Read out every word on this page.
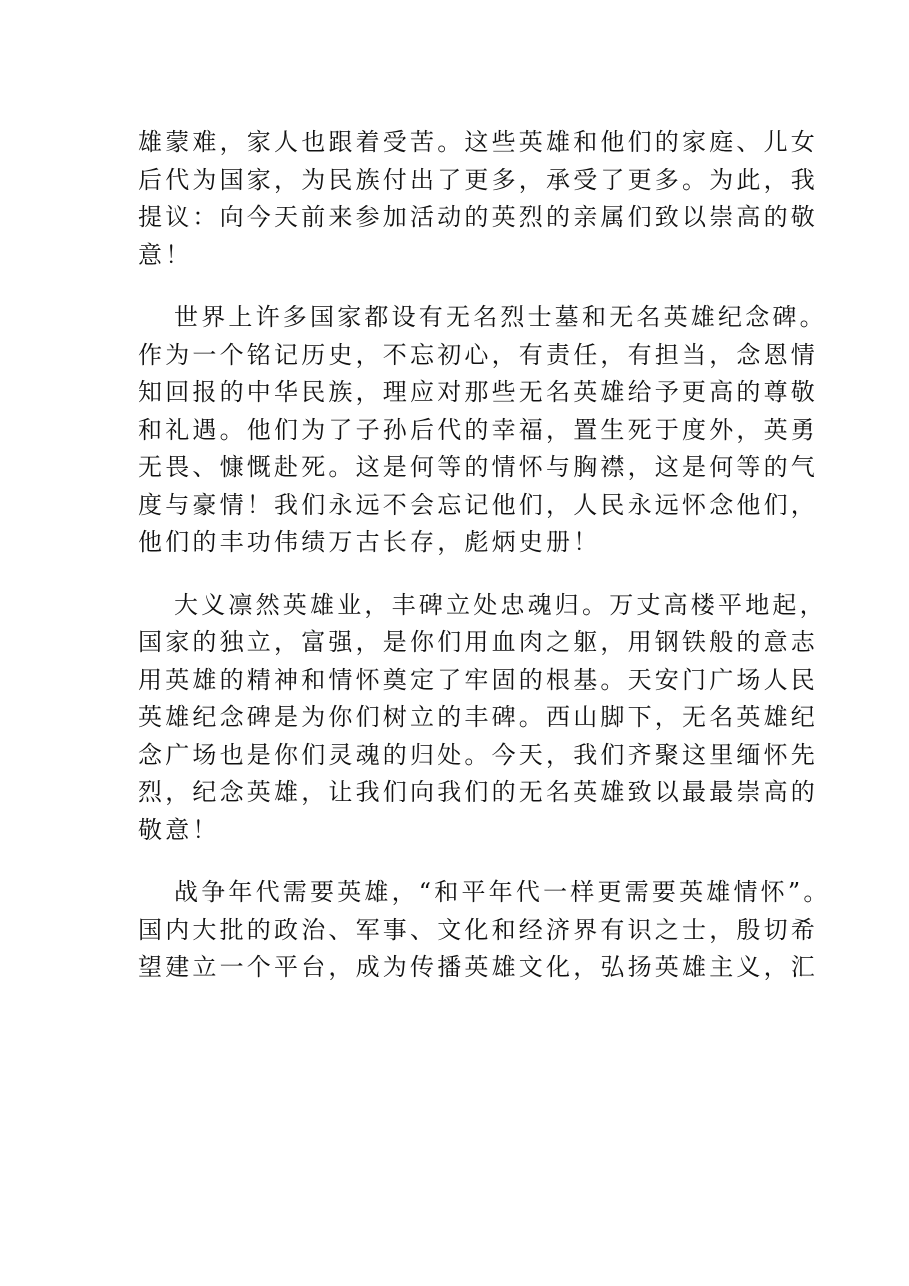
雄蒙难，家人也跟着受苦。这些英雄和他们的家庭、儿女
后代为国家，为民族付出了更多，承受了更多。为此，我
提议：向今天前来参加活动的英烈的亲属们致以崇高的敬
意！
世界上许多国家都设有无名烈士墓和无名英雄纪念碑。
作为一个铭记历史，不忘初心，有责任，有担当，念恩情
知回报的中华民族，理应对那些无名英雄给予更高的尊敬
和礼遇。他们为了子孙后代的幸福，置生死于度外，英勇
无畏、慷慨赴死。这是何等的情怀与胸襟，这是何等的气
度与豪情！我们永远不会忘记他们，人民永远怀念他们，
他们的丰功伟绩万古长存，彪炳史册！
大义凛然英雄业，丰碑立处忠魂归。万丈高楼平地起，
国家的独立，富强，是你们用血肉之躯，用钢铁般的意志
用英雄的精神和情怀奠定了牢固的根基。天安门广场人民
英雄纪念碑是为你们树立的丰碑。西山脚下，无名英雄纪
念广场也是你们灵魂的归处。今天，我们齐聚这里缅怀先
烈，纪念英雄，让我们向我们的无名英雄致以最最崇高的
敬意！
战争年代需要英雄，“和平年代一样更需要英雄情怀”。
国内大批的政治、军事、文化和经济界有识之士，殷切希
望建立一个平台，成为传播英雄文化，弘扬英雄主义，汇
